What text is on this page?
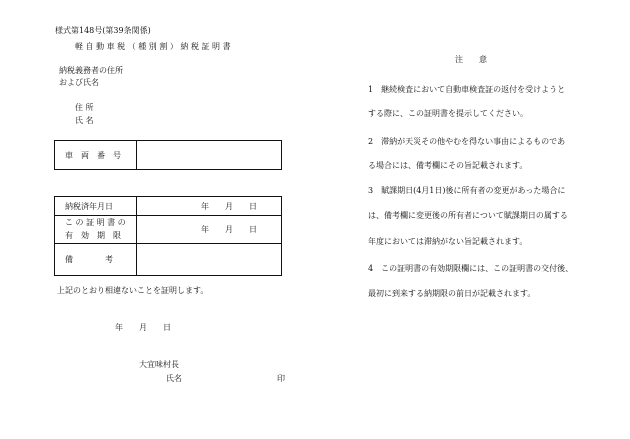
様式第148号(第39条関係)
軽 自 動 車 税 （ 種 別 割 ） 納 税 証 明 書
納税義務者の住所
および氏名
住 所
氏 名
車　両　番　号
納税済年月日	年　　月　　日
こ の 証 明 書 の
有　効　期　限
年　　月　　日
備　　　　考
上記のとおり相違ないことを証明します。
年　　月　　日
大宜味村長
氏名	印
注　　意
1　継続検査において自動車検査証の返付を受けようと
する際に、この証明書を提示してください。
2　滞納が天災その他やむを得ない事由によるものであ
る場合には、備考欄にその旨記載されます。
3　賦課期日(4月1日)後に所有者の変更があった場合に
は、備考欄に変更後の所有者について賦課期日の属する
年度においては滞納がない旨記載されます。
4　この証明書の有効期限欄には、この証明書の交付後、
最初に到来する納期限の前日が記載されます。
